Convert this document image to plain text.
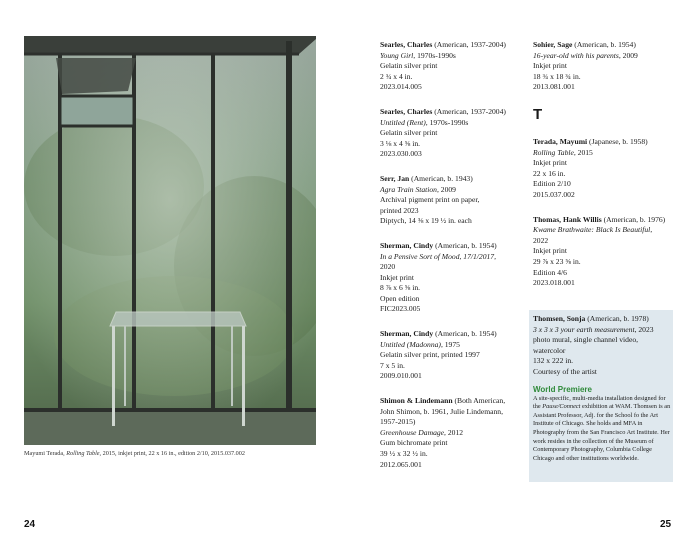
Mayumi Terada, Rolling Table, 2015, inkjet print, 22 x 16 in., edition 2/10, 2015.037.002
24
Searles, Charles (American, 1937-2004)
Young Girl, 1970s-1990s
Gelatin silver print
2 ¾ x 4 in.
2023.014.005
Searles, Charles (American, 1937-2004)
Untitled (Rent), 1970s-1990s
Gelatin silver print
3 ⅛ x 4 ⅝ in.
2023.030.003
Serr, Jan (American, b. 1943)
Agra Train Station, 2009
Archival pigment print on paper,
printed 2023
Diptych, 14 ⅜ x 19 ½ in. each
Sherman, Cindy (American, b. 1954)
In a Pensive Sort of Mood, 17/1/2017,
2020
Inkjet print
8 ⅞ x 6 ⅝ in.
Open edition
FIC2023.005
Sherman, Cindy (American, b. 1954)
Untitled (Madonna), 1975
Gelatin silver print, printed 1997
7 x 5 in.
2009.010.001
Shimon & Lindemann (Both American,
John Shimon, b. 1961, Julie Lindemann,
1957-2015)
Greenhouse Damage, 2012
Gum bichromate print
39 ½ x 32 ½ in.
2012.065.001
Sohier, Sage (American, b. 1954)
16-year-old with his parents, 2009
Inkjet print
18 ¾ x 18 ¾ in.
2013.081.001
T
Terada, Mayumi (Japanese, b. 1958)
Rolling Table, 2015
Inkjet print
22 x 16 in.
Edition 2/10
2015.037.002
Thomas, Hank Willis (American, b. 1976)
Kwame Brathwaite: Black Is Beautiful,
2022
Inkjet print
29 ⅞ x 23 ⅝ in.
Edition 4/6
2023.018.001
Thomsen, Sonja (American, b. 1978)
3 x 3 x 3 your earth measurement, 2023
photo mural, single channel video,
watercolor
132 x 222 in.
Courtesy of the artist
World Premiere
A site-specific, multi-media installation designed for the Pause/Connect exhibition at WAM. Thomsen is an Assistant Professor, Adj. for the School fo the Art Institute of Chicago. She holds and MFA in Photography from the San Francisco Art Institute. Her work resides in the collection of the Museum of Contemporary Photography, Columbia College Chicago and other institutions worldwide.
25
